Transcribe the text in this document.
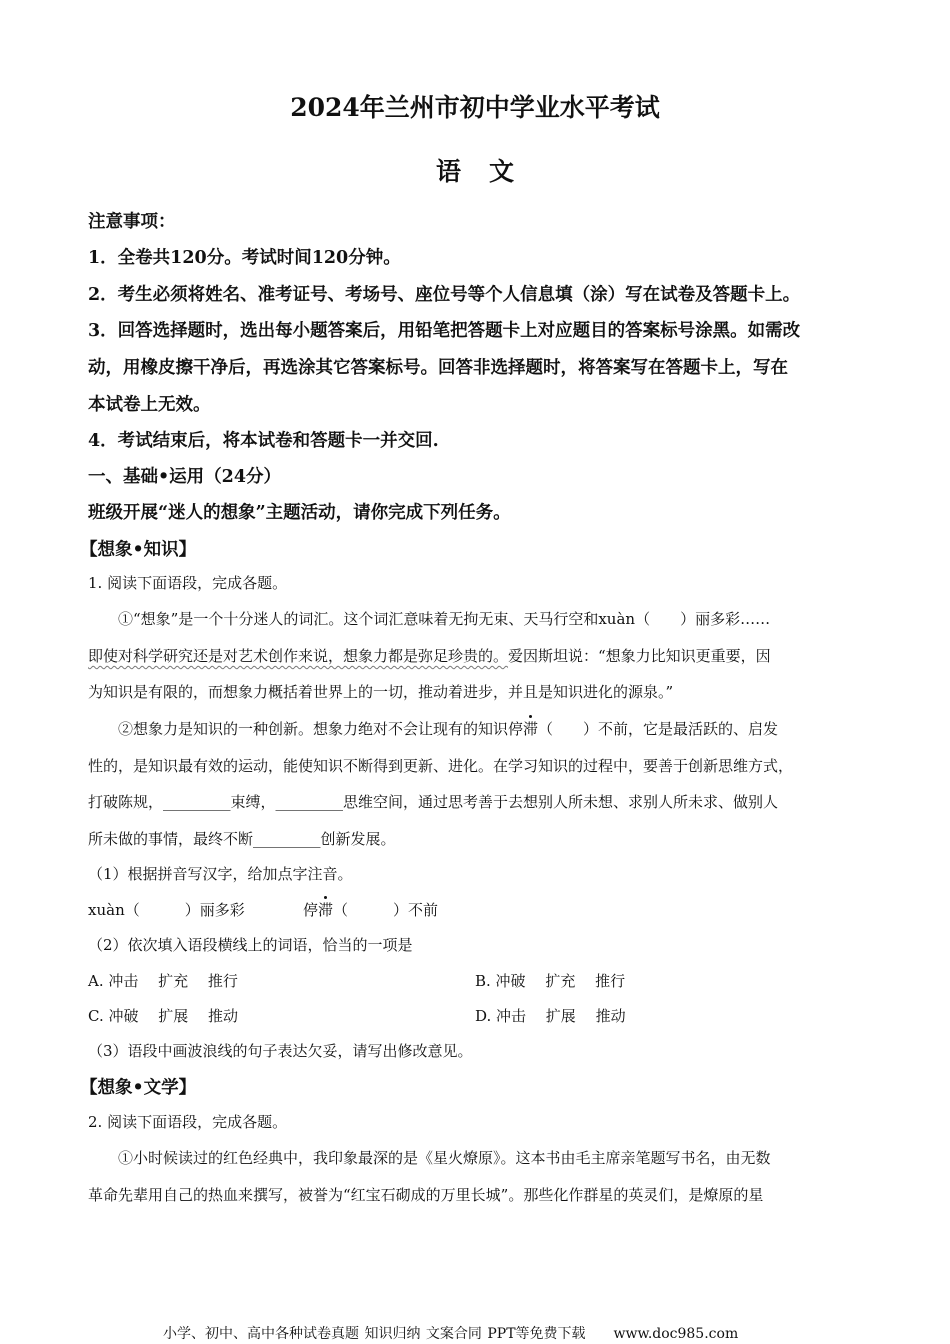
2024年兰州市初中学业水平考试
语文
注意事项：
1．全卷共120分。考试时间120分钟。
2．考生必须将姓名、准考证号、考场号、座位号等个人信息填（涂）写在试卷及答题卡上。
3．回答选择题时，选出每小题答案后，用铅笔把答题卡上对应题目的答案标号涂黑。如需改
动，用橡皮擦干净后，再选涂其它答案标号。回答非选择题时，将答案写在答题卡上，写在
本试卷上无效。
4．考试结束后，将本试卷和答题卡一并交回.
一、基础•运用（24分）
班级开展“迷人的想象”主题活动，请你完成下列任务。
【想象•知识】
1. 阅读下面语段，完成各题。
①“想象”是一个十分迷人的词汇。这个词汇意味着无拘无束、天马行空和xuàn（　　）丽多彩……
即使对科学研究还是对艺术创作来说，想象力都是弥足珍贵的。爱因斯坦说：“想象力比知识更重要，因
为知识是有限的，而想象力概括着世界上的一切，推动着进步，并且是知识进化的源泉。”
②想象力是知识的一种创新。想象力绝对不会让现有的知识停滞（　　）不前，它是最活跃的、启发
性的，是知识最有效的运动，能使知识不断得到更新、进化。在学习知识的过程中，要善于创新思维方式，
打破陈规，_________束缚，_________思维空间，通过思考善于去想别人所未想、求别人所未求、做别人
所未做的事情，最终不断_________创新发展。
（1）根据拼音写汉字，给加点字注音。
xuàn（　　　）丽多彩	停滞（　　　）不前
（2）依次填入语段横线上的词语，恰当的一项是
A. 冲击　 扩充　 推行	B. 冲破　 扩充　 推行
C. 冲破　 扩展　 推动	D. 冲击　 扩展　 推动
（3）语段中画波浪线的句子表达欠妥，请写出修改意见。
【想象•文学】
2. 阅读下面语段，完成各题。
①小时候读过的红色经典中，我印象最深的是《星火燎原》。这本书由毛主席亲笔题写书名，由无数
革命先辈用自己的热血来撰写，被誉为“红宝石砌成的万里长城”。那些化作群星的英灵们，是燎原的星
小学、初中、高中各种试卷真题 知识归纳 文案合同 PPT等免费下载　　www.doc985.com
